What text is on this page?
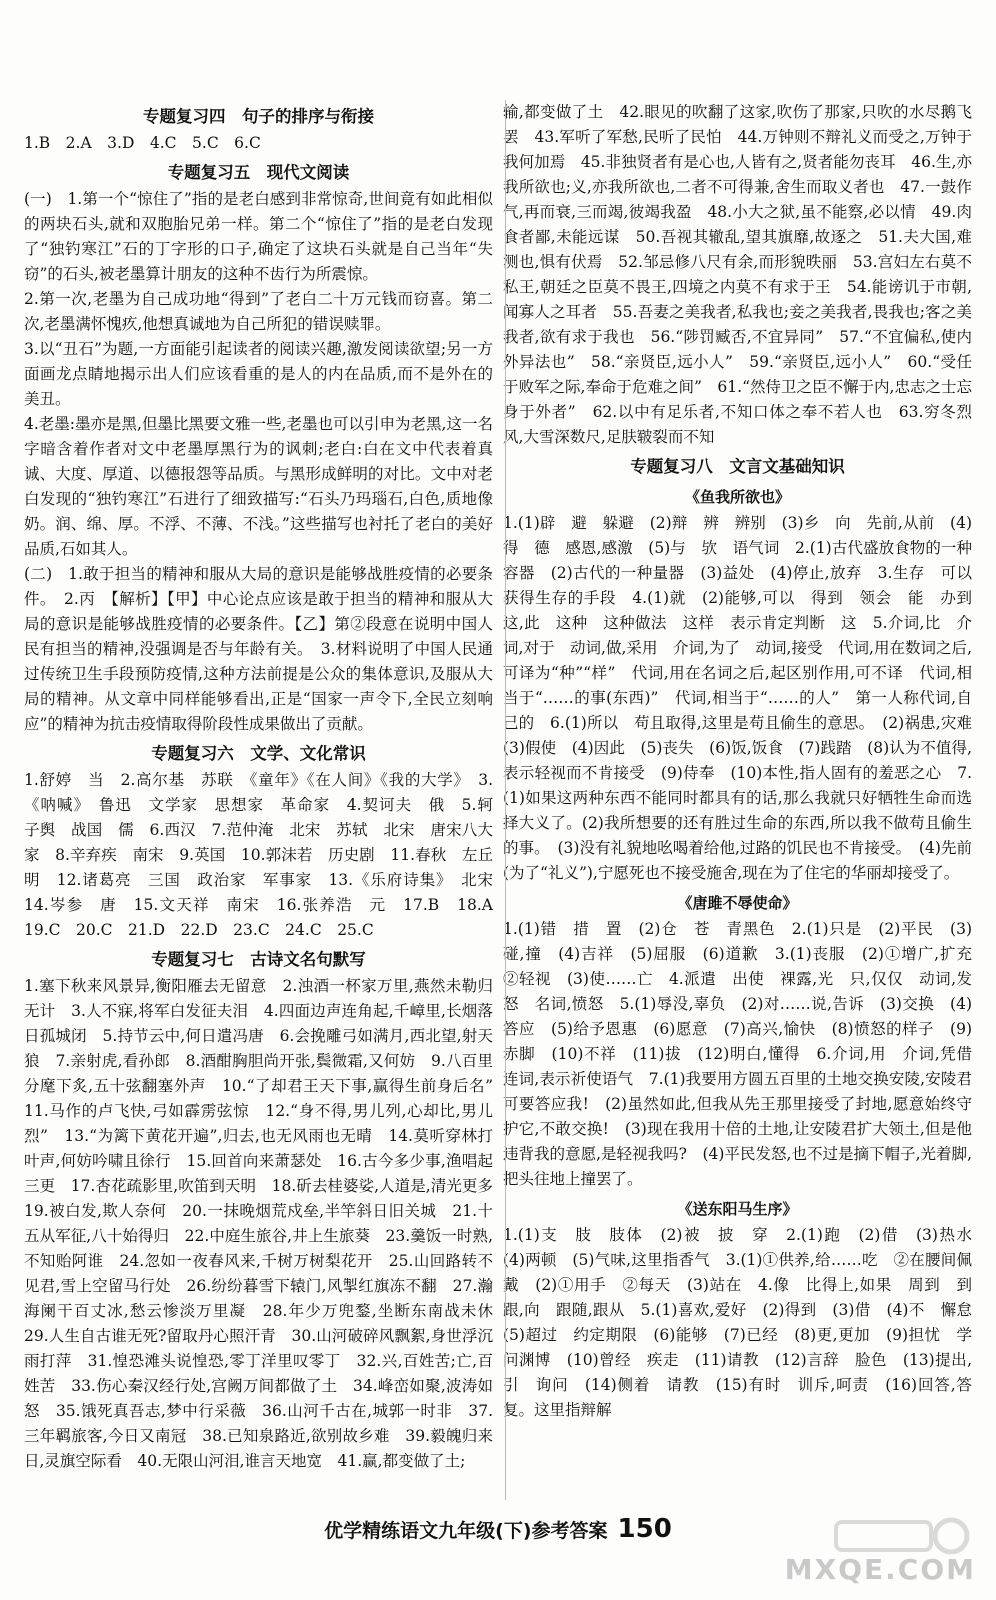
专题复习四　句子的排序与衔接

1.B　2.A　3.D　4.C　5.C　6.C

专题复习五　现代文阅读

(一)　1.第一个“惊住了”指的是老白感到非常惊奇,世间竟有如此相似的两块石头,就和双胞胎兄弟一样。第二个“惊住了”指的是老白发现了“独钓寒江”石的丁字形的口子,确定了这块石头就是自己当年“失窃”的石头,被老墨算计朋友的这种不齿行为所震惊。

2.第一次,老墨为自己成功地“得到”了老白二十万元钱而窃喜。第二次,老墨满怀愧疚,他想真诚地为自己所犯的错误赎罪。

3.以“丑石”为题,一方面能引起读者的阅读兴趣,激发阅读欲望;另一方面画龙点睛地揭示出人们应该看重的是人的内在品质,而不是外在的美丑。

4.老墨:墨亦是黑,但墨比黑要文雅一些,老墨也可以引申为老黑,这一名字暗含着作者对文中老墨厚黑行为的讽刺;老白:白在文中代表着真诚、大度、厚道、以德报怨等品质。与黑形成鲜明的对比。文中对老白发现的“独钓寒江”石进行了细致描写:“石头乃玛瑙石,白色,质地像奶。润、绵、厚。不浮、不薄、不浅。”这些描写也衬托了老白的美好品质,石如其人。

(二)　1.敢于担当的精神和服从大局的意识是能够战胜疫情的必要条件。　2.丙　【解析】【甲】中心论点应该是敢于担当的精神和服从大局的意识是能够战胜疫情的必要条件。【乙】第②段意在说明中国人民有担当的精神,没强调是否与年龄有关。　3.材料说明了中国人民通过传统卫生手段预防疫情,这种方法前提是公众的集体意识,及服从大局的精神。从文章中同样能够看出,正是“国家一声令下,全民立刻响应”的精神为抗击疫情取得阶段性成果做出了贡献。

专题复习六　文学、文化常识

1.舒婷　当　2.高尔基　苏联　《童年》《在人间》《我的大学》　3.《呐喊》　鲁迅　文学家　思想家　革命家　4.契诃夫　俄　5.轲　子舆　战国　儒　6.西汉　7.范仲淹　北宋　苏轼　北宋　唐宋八大家　8.辛弃疾　南宋　9.英国　10.郭沫若　历史剧　11.春秋　左丘明　12.诸葛亮　三国　政治家　军事家　13.《乐府诗集》　北宋　14.岑参　唐　15.文天祥　南宋　16.张养浩　元　17.B　18.A　19.C　20.C　21.D　22.D　23.C　24.C　25.C

专题复习七　古诗文名句默写

1.塞下秋来风景异,衡阳雁去无留意　2.浊酒一杯家万里,燕然未勒归无计　3.人不寐,将军白发征夫泪　4.四面边声连角起,千嶂里,长烟落日孤城闭　5.持节云中,何日遣冯唐　6.会挽雕弓如满月,西北望,射天狼　7.亲射虎,看孙郎　8.酒酣胸胆尚开张,鬓微霜,又何妨　9.八百里分麾下炙,五十弦翻塞外声　10.“了却君王天下事,赢得生前身后名”　11.马作的卢飞快,弓如霹雳弦惊　12.“身不得,男儿列,心却比,男儿烈”　13.“为篱下黄花开遍”,归去,也无风雨也无晴　14.莫听穿林打叶声,何妨吟啸且徐行　15.回首向来萧瑟处　16.古今多少事,渔唱起三更　17.杏花疏影里,吹笛到天明　18.斫去桂婆娑,人道是,清光更多　19.被白发,欺人奈何　20.一抹晚烟荒戍垒,半竿斜日旧关城　21.十五从军征,八十始得归　22.中庭生旅谷,井上生旅葵　23.羹饭一时熟,不知贻阿谁　24.忽如一夜春风来,千树万树梨花开　25.山回路转不见君,雪上空留马行处　26.纷纷暮雪下辕门,风掣红旗冻不翻　27.瀚海阑干百丈冰,愁云惨淡万里凝　28.年少万兜鍪,坐断东南战未休　29.人生自古谁无死?留取丹心照汗青　30.山河破碎风飘絮,身世浮沉雨打萍　31.惶恐滩头说惶恐,零丁洋里叹零丁　32.兴,百姓苦;亡,百姓苦　33.伤心秦汉经行处,宫阙万间都做了土　34.峰峦如聚,波涛如怒　35.饿死真吾志,梦中行采薇　36.山河千古在,城郭一时非　37.三年羁旅客,今日又南冠　38.已知泉路近,欲别故乡难　39.毅魄归来日,灵旗空际看　40.无限山河泪,谁言天地宽　41.赢,都变做了土;

输,都变做了土　42.眼见的吹翻了这家,吹伤了那家,只吹的水尽鹅飞罢　43.军听了军愁,民听了民怕　44.万钟则不辩礼义而受之,万钟于我何加焉　45.非独贤者有是心也,人皆有之,贤者能勿丧耳　46.生,亦我所欲也;义,亦我所欲也,二者不可得兼,舍生而取义者也　47.一鼓作气,再而衰,三而竭,彼竭我盈　48.小大之狱,虽不能察,必以情　49.肉食者鄙,未能远谋　50.吾视其辙乱,望其旗靡,故逐之　51.夫大国,难测也,惧有伏焉　52.邹忌修八尺有余,而形貌昳丽　53.宫妇左右莫不私王,朝廷之臣莫不畏王,四境之内莫不有求于王　54.能谤讥于市朝,闻寡人之耳者　55.吾妻之美我者,私我也;妾之美我者,畏我也;客之美我者,欲有求于我也　56.“陟罚臧否,不宜异同”　57.“不宜偏私,使内外异法也”　58.“亲贤臣,远小人”　59.“亲贤臣,远小人”　60.“受任于败军之际,奉命于危难之间”　61.“然侍卫之臣不懈于内,忠志之士忘身于外者”　62.以中有足乐者,不知口体之奉不若人也　63.穷冬烈风,大雪深数尺,足肤皲裂而不知

专题复习八　文言文基础知识
《鱼我所欲也》

1.(1)辟　避　躲避　(2)辩　辨　辨别　(3)乡　向　先前,从前　(4)得　德　感恩,感激　(5)与　欤　语气词　2.(1)古代盛放食物的一种容器　(2)古代的一种量器　(3)益处　(4)停止,放弃　3.生存　可以获得生存的手段　4.(1)就　(2)能够,可以　得到　领会　能　办到　这,此　这种　这种做法　这样　表示肯定判断　这　5.介词,比　介词,对于　动词,做,采用　介词,为了　动词,接受　代词,用在数词之后,可译为“种”“样”　代词,用在名词之后,起区别作用,可不译　代词,相当于“……的事(东西)”　代词,相当于“……的人”　第一人称代词,自己的　6.(1)所以　苟且取得,这里是苟且偷生的意思。　(2)祸患,灾难　(3)假使　(4)因此　(5)丧失　(6)饭,饭食　(7)践踏　(8)认为不值得,表示轻视而不肯接受　(9)侍奉　(10)本性,指人固有的羞恶之心　7.(1)如果这两种东西不能同时都具有的话,那么我就只好牺牲生命而选择大义了。(2)我所想要的还有胜过生命的东西,所以我不做苟且偷生的事。　(3)没有礼貌地吆喝着给他,过路的饥民也不肯接受。　(4)先前(为了“礼义”),宁愿死也不接受施舍,现在为了住宅的华丽却接受了。

《唐雎不辱使命》

1.(1)错　措　置　(2)仓　苍　青黑色　2.(1)只是　(2)平民　(3)碰,撞　(4)吉祥　(5)屈服　(6)道歉　3.(1)丧服　(2)①增广,扩充　②轻视　(3)使……亡　4.派遣　出使　裸露,光　只,仅仅　动词,发怒　名词,愤怒　5.(1)辱没,辜负　(2)对……说,告诉　(3)交换　(4)答应　(5)给予恩惠　(6)愿意　(7)高兴,愉快　(8)愤怒的样子　(9)赤脚　(10)不祥　(11)拔　(12)明白,懂得　6.介词,用　介词,凭借　连词,表示祈使语气　7.(1)我要用方圆五百里的土地交换安陵,安陵君可要答应我!　(2)虽然如此,但我从先王那里接受了封地,愿意始终守护它,不敢交换!　(3)现在我用十倍的土地,让安陵君扩大领土,但是他违背我的意愿,是轻视我吗?　(4)平民发怒,也不过是摘下帽子,光着脚,把头往地上撞罢了。

《送东阳马生序》

1.(1)支　肢　肢体　(2)被　披　穿　2.(1)跑　(2)借　(3)热水　(4)两顿　(5)气味,这里指香气　3.(1)①供养,给……吃　②在腰间佩戴　(2)①用手　②每天　(3)站在　4.像　比得上,如果　周到　到　跟,向　跟随,跟从　5.(1)喜欢,爱好　(2)得到　(3)借　(4)不　懈怠　(5)超过　约定期限　(6)能够　(7)已经　(8)更,更加　(9)担忧　学问渊博　(10)曾经　疾走　(11)请教　(12)言辞　脸色　(13)提出,引　询问　(14)侧着　请教　(15)有时　训斥,呵责　(16)回答,答复。这里指辩解

优学精练语文九年级(下)参考答案 150
MXQE.COM
